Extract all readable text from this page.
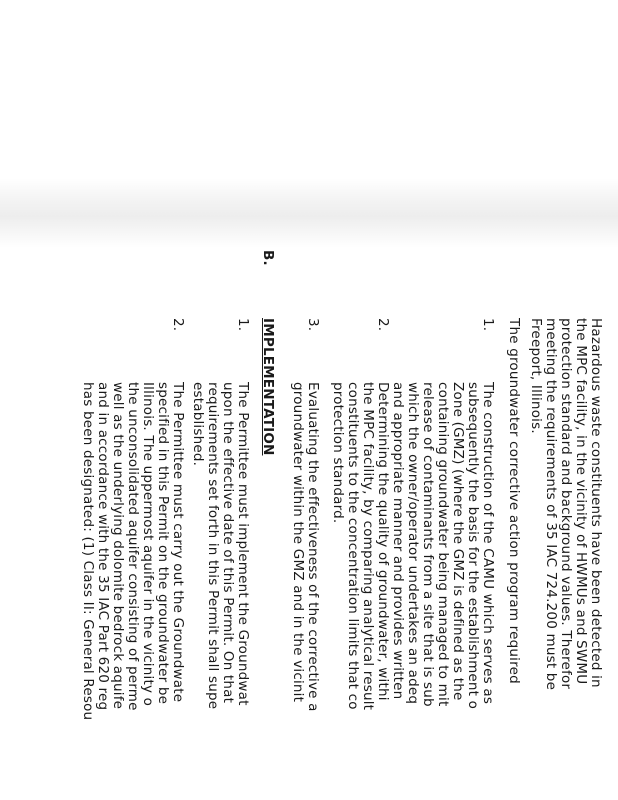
Hazardous waste constituents have been detected in
the MPC facility, in the vicinity of HWMUs and SWMU
protection standard and background values. Therefor
meeting the requirements of 35 IAC 724.200 must be
Freeport, Illinois.
The groundwater corrective action program required
1.
The construction of the CAMU which serves as
subsequently the basis for the establishment o
Zone (GMZ) (where the GMZ is defined as the
containing groundwater being managed to mit
release of contaminants from a site that is sub
which the owner/operator undertakes an adeq
and appropriate manner and provides written
2.
Determining the quality of groundwater, withi
the MPC facility, by comparing analytical result
constituents to the concentration limits that co
protection standard.
3.
Evaluating the effectiveness of the corrective a
groundwater within the GMZ and in the vicinit
B.
IMPLEMENTATION
1.
The Permittee must implement the Groundwat
upon the effective date of this Permit. On that
requirements set forth in this Permit shall supe
established.
2.
The Permittee must carry out the Groundwate
specified in this Permit on the groundwater be
Illinois. The uppermost aquifer in the vicinity o
the unconsolidated aquifer consisting of perme
well as the underlying dolomite bedrock aquife
and in accordance with the 35 IAC Part 620 reg
has been designated: (1) Class II: General Resou
